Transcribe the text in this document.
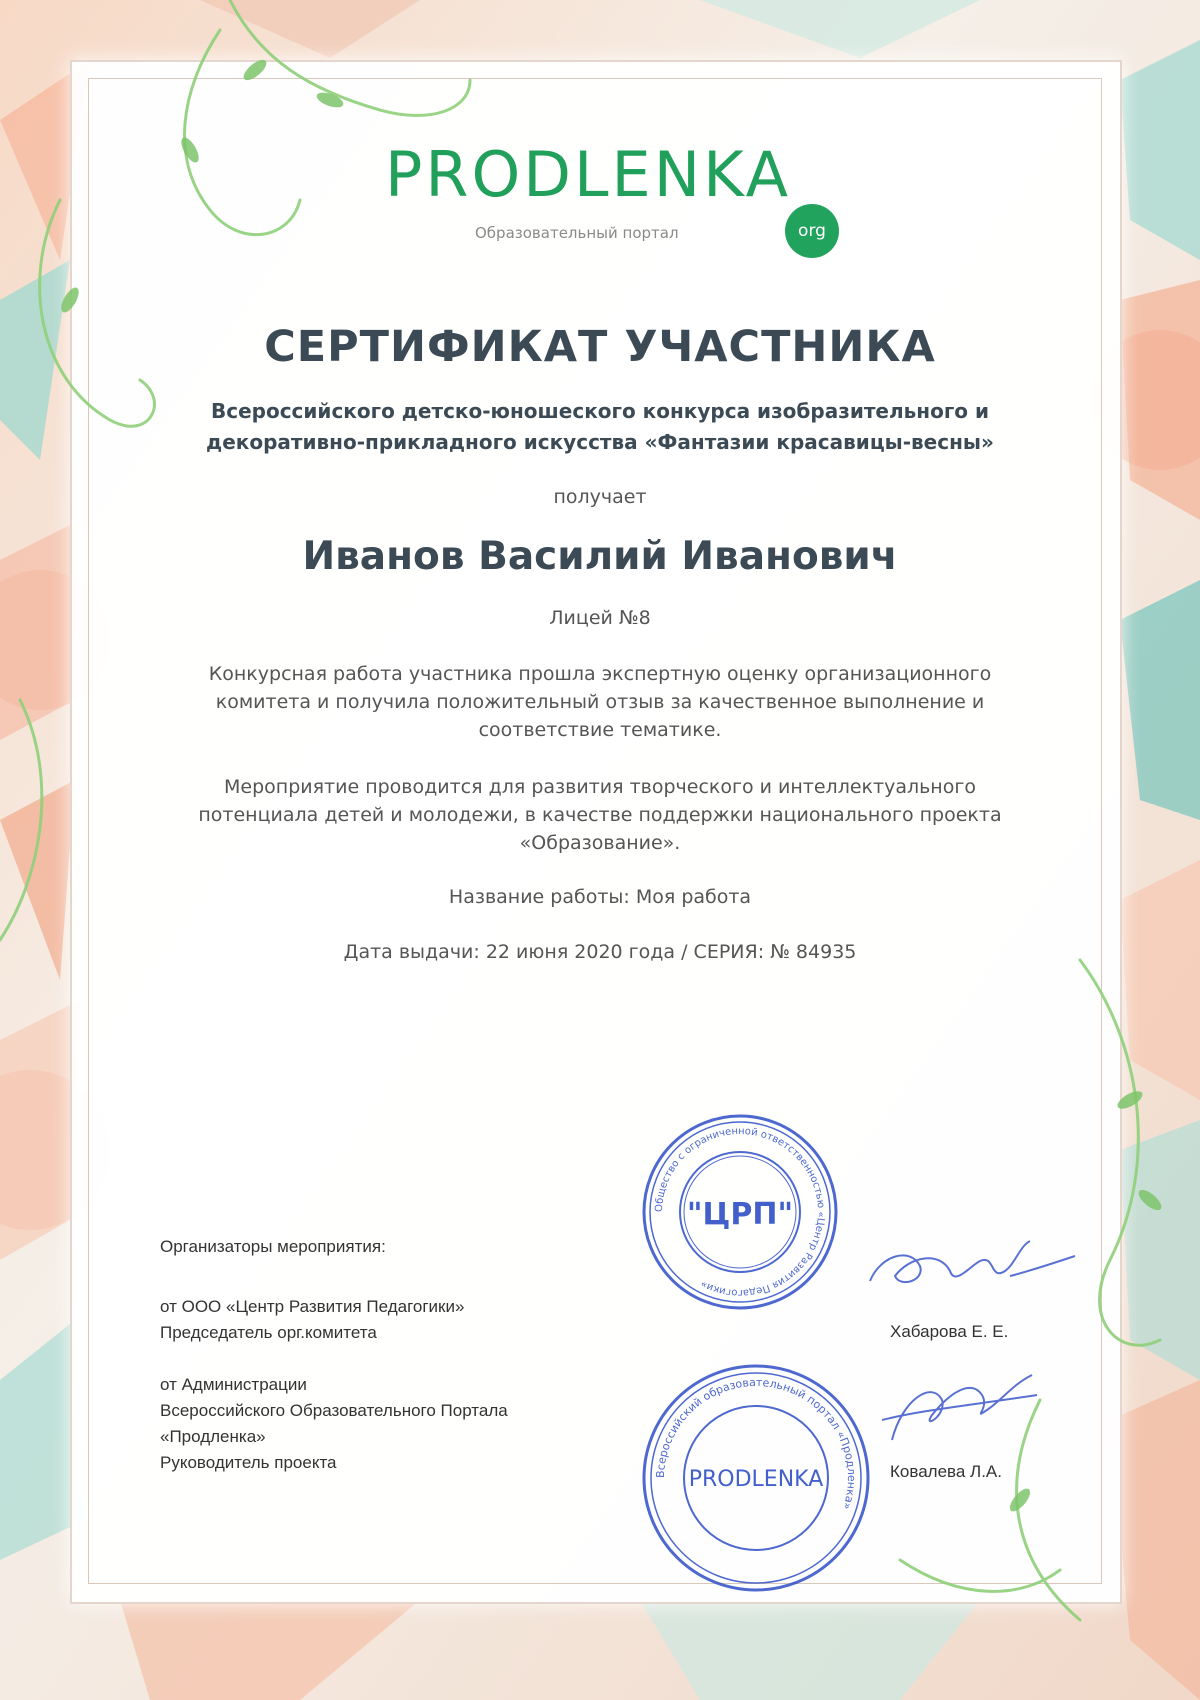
PRODLENKA
org
Образовательный портал
СЕРТИФИКАТ УЧАСТНИКА
Всероссийского детско-юношеского конкурса изобразительного и
декоративно-прикладного искусства «Фантазии красавицы-весны»
получает
Иванов Василий Иванович
Лицей №8
Конкурсная работа участника прошла экспертную оценку организационного
комитета и получила положительный отзыв за качественное выполнение и
соответствие тематике.
Мероприятие проводится для развития творческого и интеллектуального
потенциала детей и молодежи, в качестве поддержки национального проекта
«Образование».
Название работы: Моя работа
Дата выдачи: 22 июня 2020 года / СЕРИЯ: № 84935
Организаторы мероприятия:
от ООО «Центр Развития Педагогики»
Председатель орг.комитета
от Администрации
Всероссийского Образовательного Портала
«Продленка»
Руководитель проекта
Хабарова Е. Е.
Ковалева Л.А.
Общество с ограниченной ответственностью «Центр Развития Педагогики»
"ЦРП"
Всероссийский образовательный портал «Продленка»
PRODLENKA
